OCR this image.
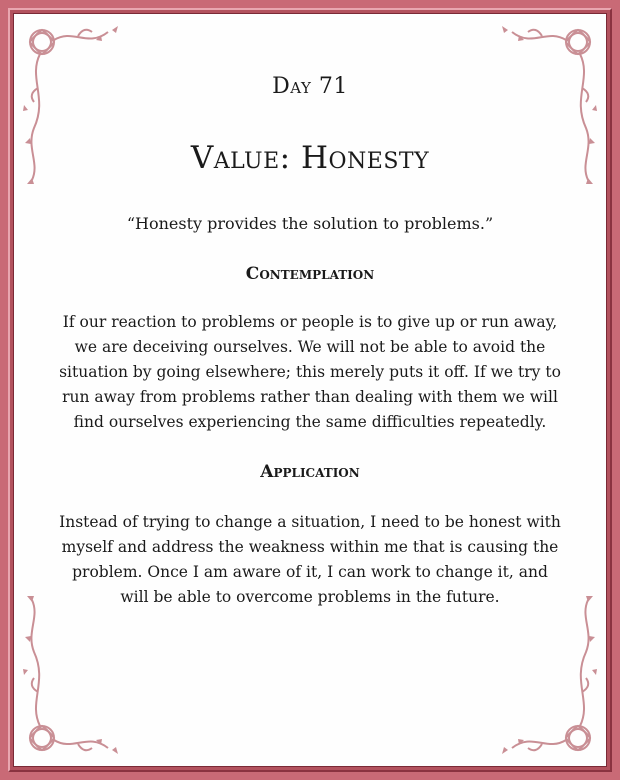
Day 71
Value: Honesty
“Honesty provides the solution to problems.”
Contemplation
If our reaction to problems or people is to give up or run away,
we are deceiving ourselves. We will not be able to avoid the
situation by going elsewhere; this merely puts it off. If we try to
run away from problems rather than dealing with them we will
find ourselves experiencing the same difficulties repeatedly.
Application
Instead of trying to change a situation, I need to be honest with
myself and address the weakness within me that is causing the
problem. Once I am aware of it, I can work to change it, and
will be able to overcome problems in the future.
